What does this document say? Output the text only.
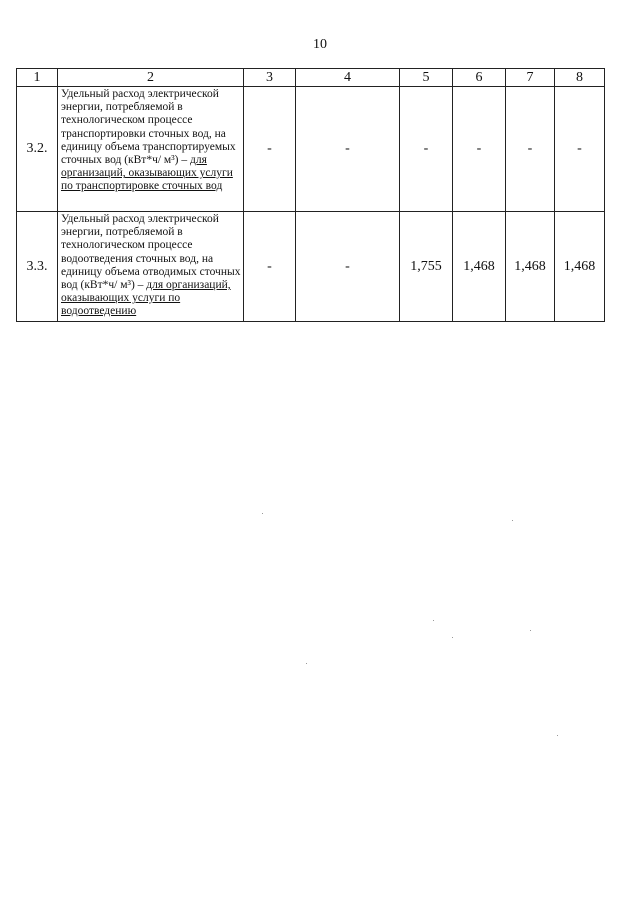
10
1	2	3	4	5	6	7	8
3.2.	Удельный расход электрической энергии, потребляемой в технологическом процессе транспортировки сточных вод, на единицу объема транспортируемых сточных вод (кВт*ч/ м³) – для организаций, оказывающих услуги по транспортировке сточных вод	-	-	-	-	-	-
3.3.	Удельный расход электрической энергии, потребляемой в технологическом процессе водоотведения сточных вод, на единицу объема отводимых сточных вод (кВт*ч/ м³) – для организаций, оказывающих услуги по водоотведению	-	-	1,755	1,468	1,468	1,468
